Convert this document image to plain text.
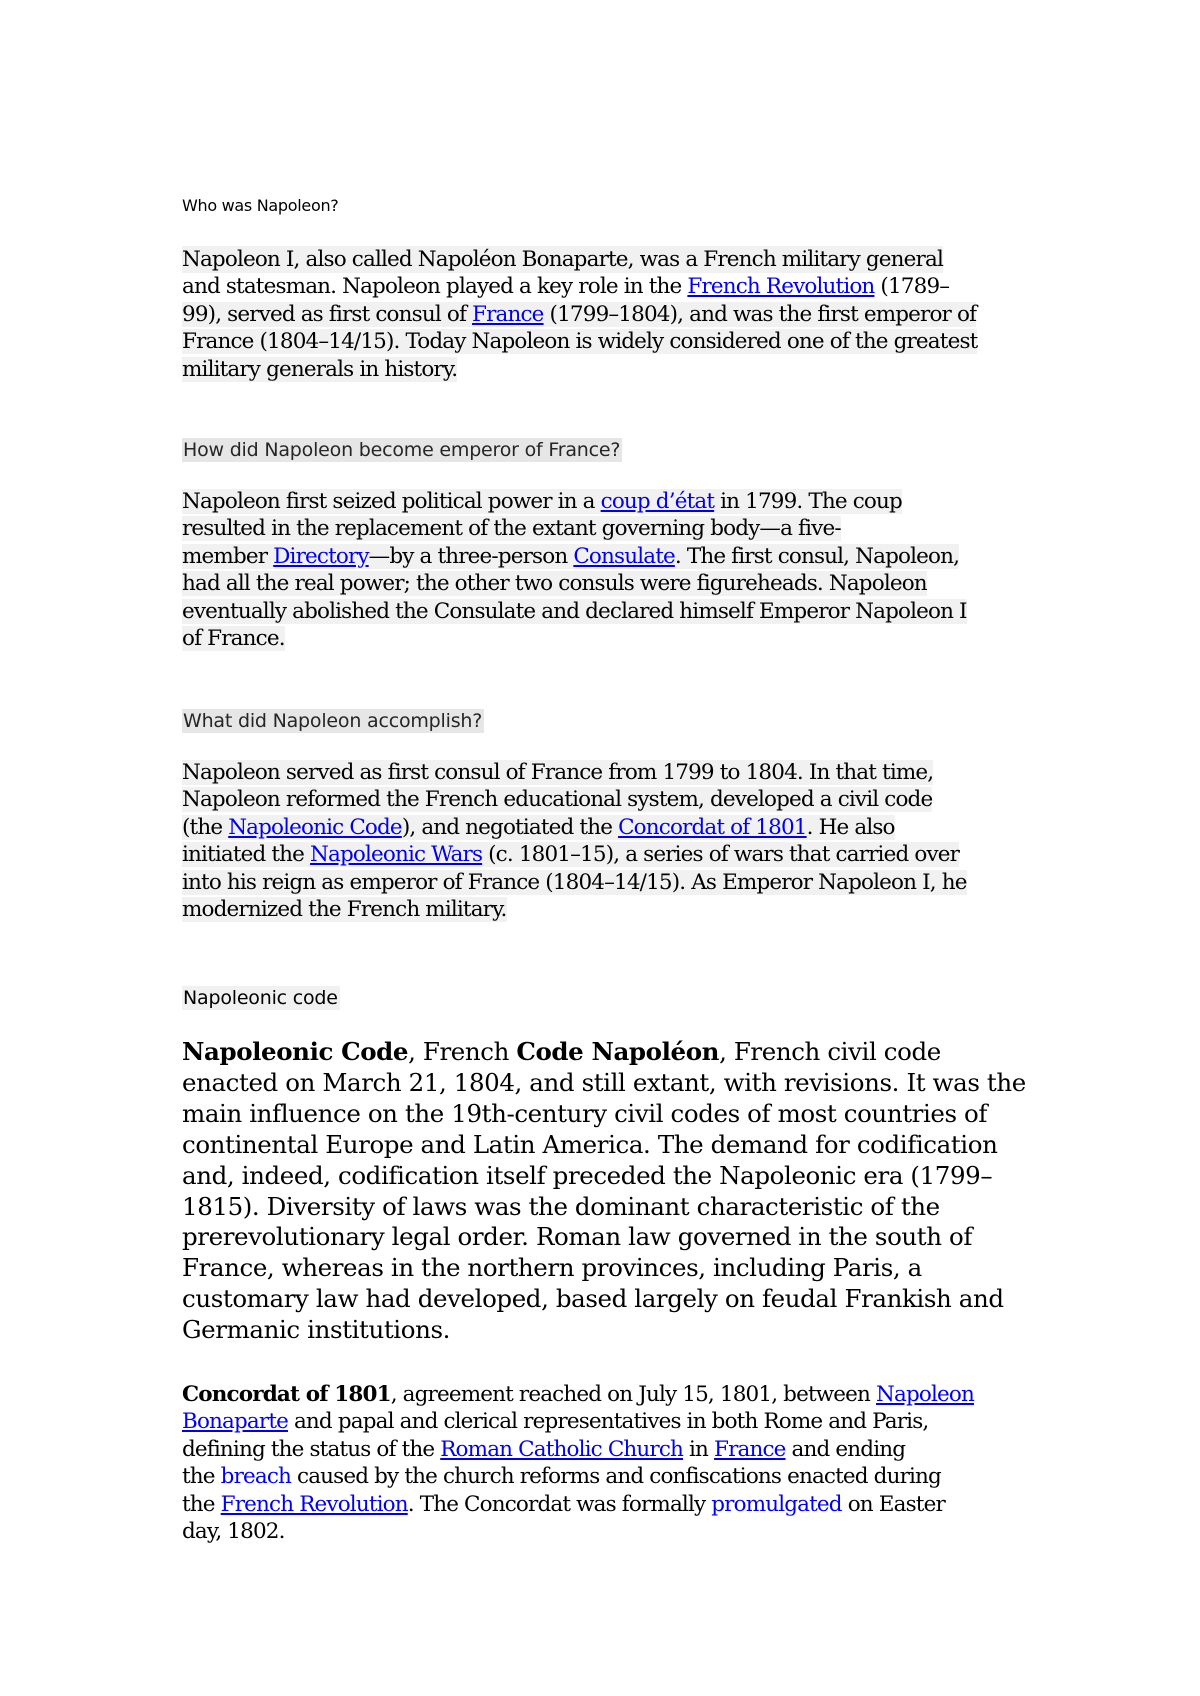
Who was Napoleon?
Napoleon I, also called Napoléon Bonaparte, was a French military general
and statesman. Napoleon played a key role in the French Revolution (1789–
99), served as first consul of France (1799–1804), and was the first emperor of
France (1804–14/15). Today Napoleon is widely considered one of the greatest
military generals in history.
How did Napoleon become emperor of France?
Napoleon first seized political power in a coup d’état in 1799. The coup
resulted in the replacement of the extant governing body—a five-
member Directory—by a three-person Consulate. The first consul, Napoleon,
had all the real power; the other two consuls were figureheads. Napoleon
eventually abolished the Consulate and declared himself Emperor Napoleon I
of France.
What did Napoleon accomplish?
Napoleon served as first consul of France from 1799 to 1804. In that time,
Napoleon reformed the French educational system, developed a civil code
(the Napoleonic Code), and negotiated the Concordat of 1801. He also
initiated the Napoleonic Wars (c. 1801–15), a series of wars that carried over
into his reign as emperor of France (1804–14/15). As Emperor Napoleon I, he
modernized the French military.
Napoleonic code
Napoleonic Code, French Code Napoléon, French civil code
enacted on March 21, 1804, and still extant, with revisions. It was the
main influence on the 19th-century civil codes of most countries of
continental Europe and Latin America. The demand for codification
and, indeed, codification itself preceded the Napoleonic era (1799–
1815). Diversity of laws was the dominant characteristic of the
prerevolutionary legal order. Roman law governed in the south of
France, whereas in the northern provinces, including Paris, a
customary law had developed, based largely on feudal Frankish and
Germanic institutions.
Concordat of 1801, agreement reached on July 15, 1801, between Napoleon
Bonaparte and papal and clerical representatives in both Rome and Paris,
defining the status of the Roman Catholic Church in France and ending
the breach caused by the church reforms and confiscations enacted during
the French Revolution. The Concordat was formally promulgated on Easter
day, 1802.
